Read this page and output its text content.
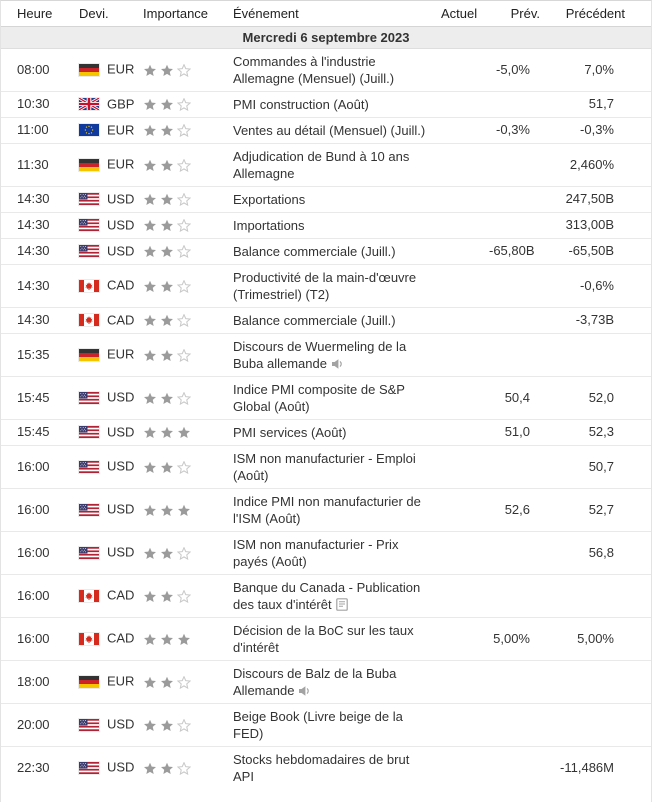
Heure	Devi.	Importance	Événement	Actuel	Prév.	Précédent
Mercredi 6 septembre 2023						
08:00	EUR		Commandes à l'industrie Allemagne (Mensuel) (Juill.)		-5,0%	7,0%
10:30	GBP		PMI construction (Août)			51,7
11:00	EUR		Ventes au détail (Mensuel) (Juill.)		-0,3%	-0,3%
11:30	EUR		Adjudication de Bund à 10 ans Allemagne			2,460%
14:30	USD		Exportations			247,50B
14:30	USD		Importations			313,00B
14:30	USD		Balance commerciale (Juill.)		-65,80B	-65,50B
14:30	CAD		Productivité de la main-d'œuvre (Trimestriel) (T2)			-0,6%
14:30	CAD		Balance commerciale (Juill.)			-3,73B
15:35	EUR		Discours de Wuermeling de la Buba allemande			
15:45	USD		Indice PMI composite de S&P Global (Août)		50,4	52,0
15:45	USD		PMI services (Août)		51,0	52,3
16:00	USD		ISM non manufacturier - Emploi (Août)			50,7
16:00	USD		Indice PMI non manufacturier de l'ISM (Août)		52,6	52,7
16:00	USD		ISM non manufacturier - Prix payés (Août)			56,8
16:00	CAD		Banque du Canada - Publication des taux d'intérêt			
16:00	CAD		Décision de la BoC sur les taux d'intérêt		5,00%	5,00%
18:00	EUR		Discours de Balz de la Buba Allemande			
20:00	USD		Beige Book (Livre beige de la FED)			
22:30	USD		Stocks hebdomadaires de brut API			-11,486M
